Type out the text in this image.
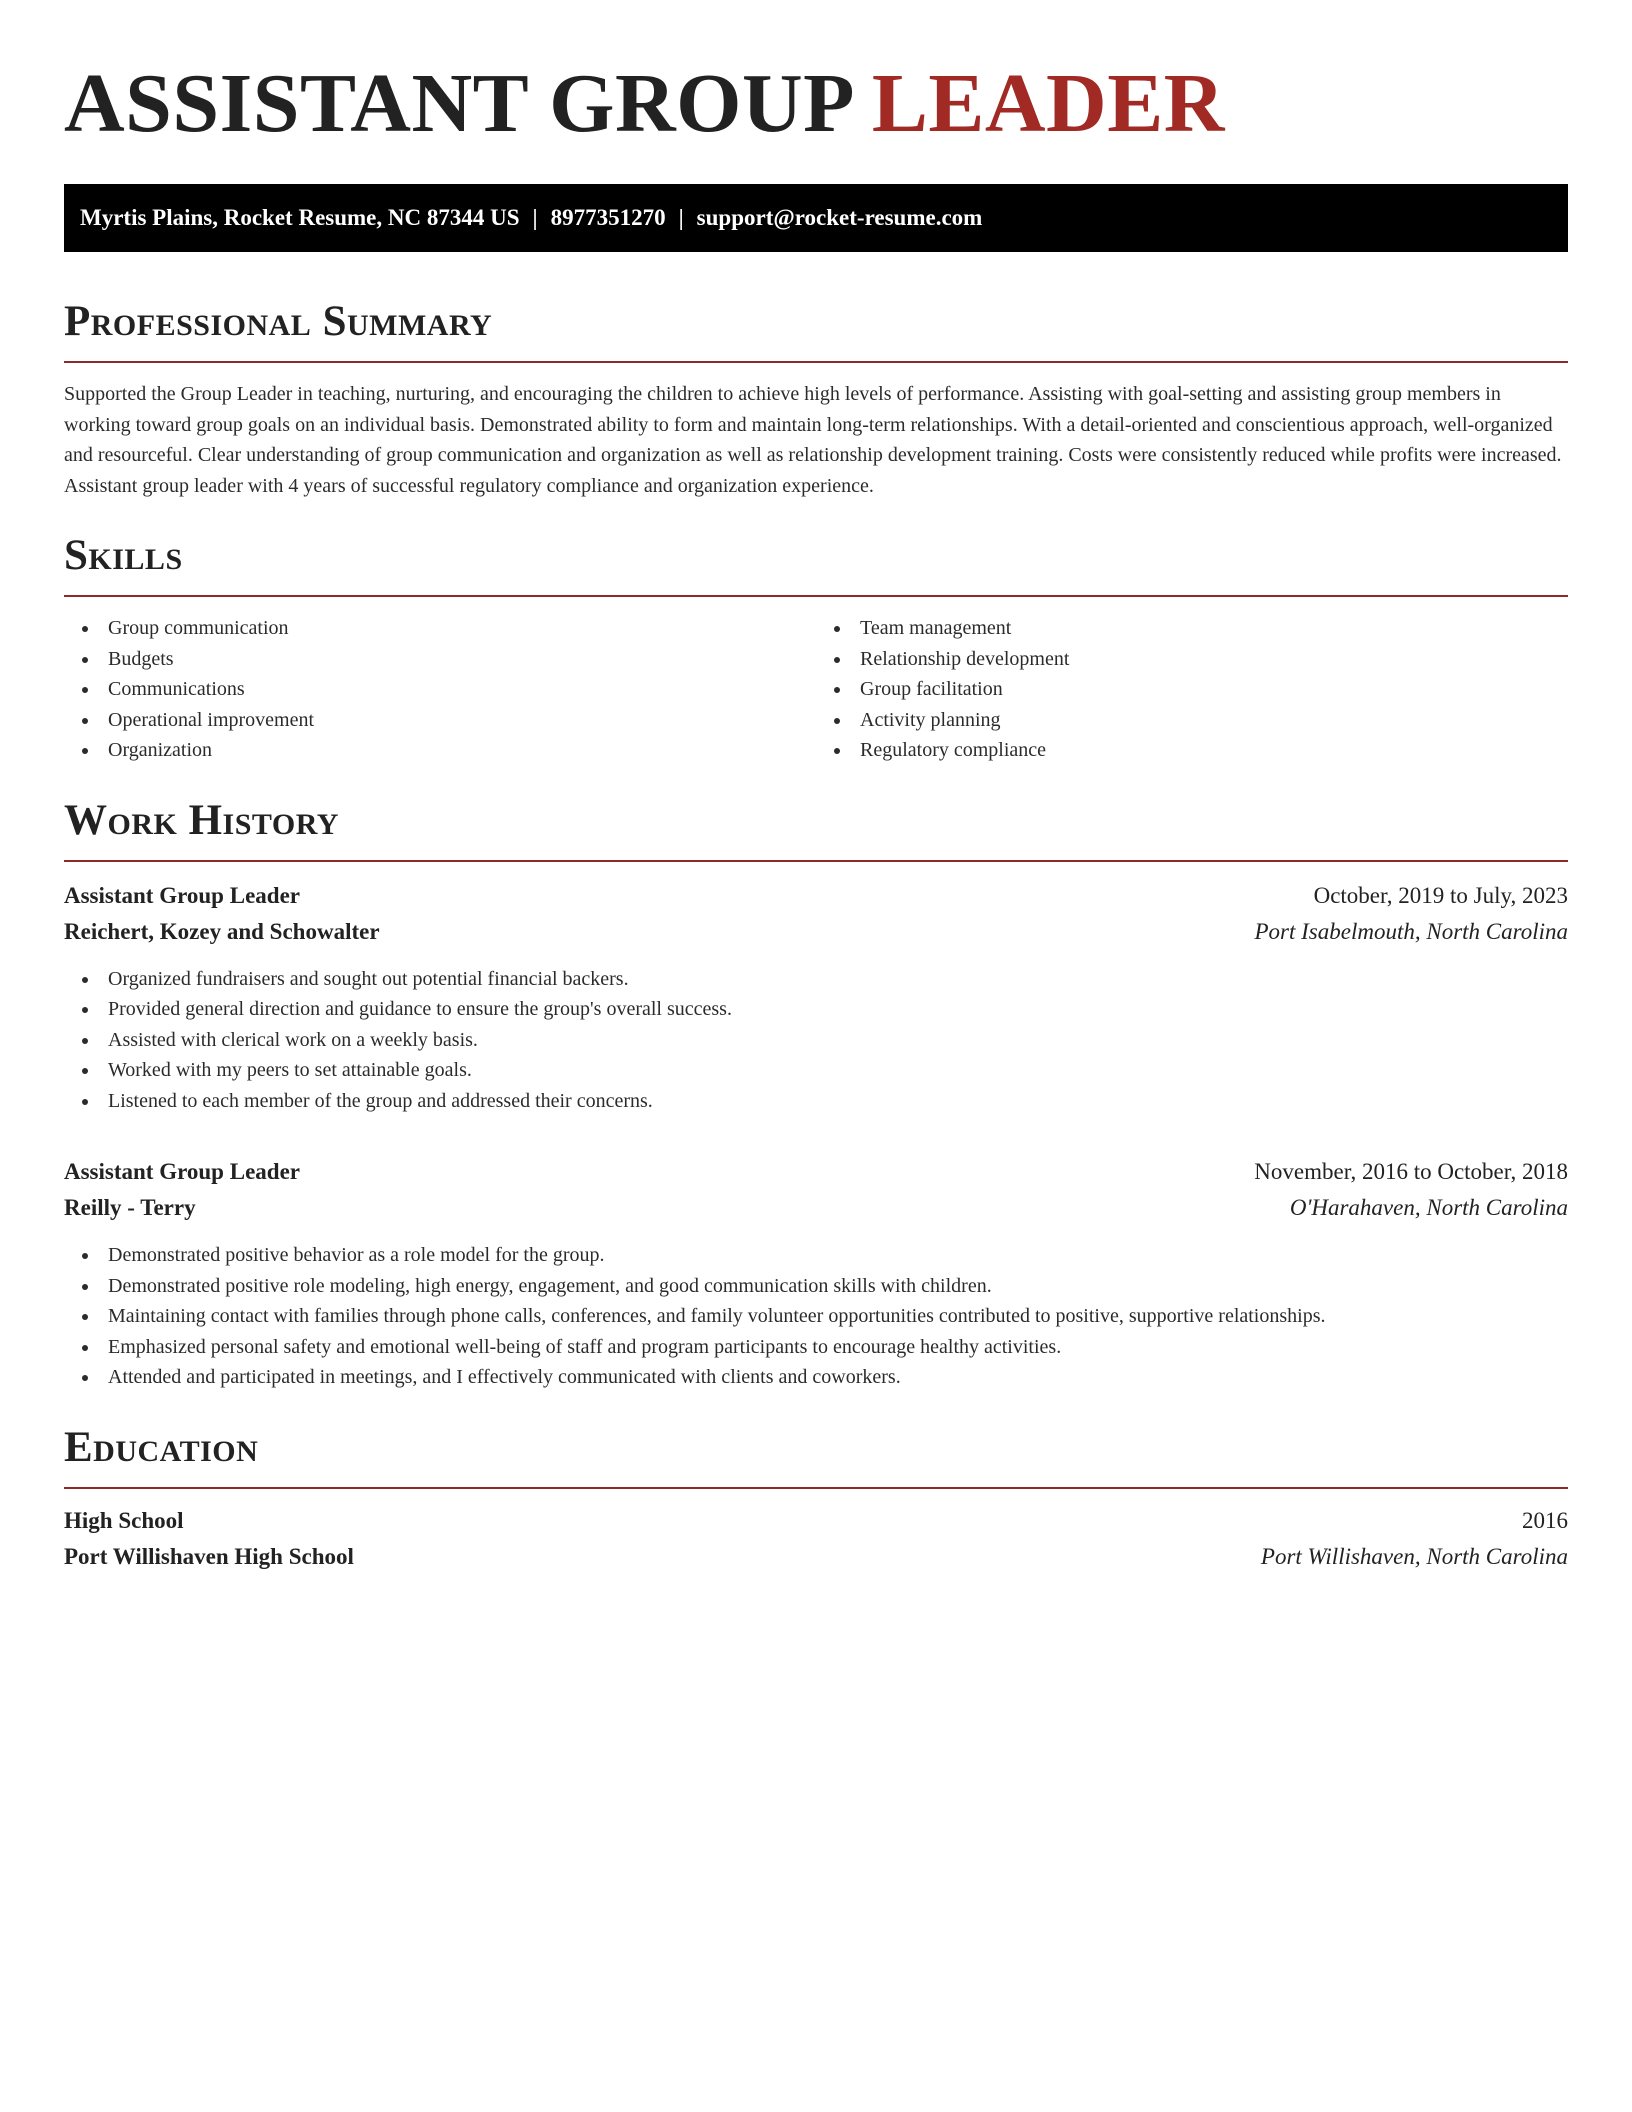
ASSISTANT GROUP LEADER
Myrtis Plains, Rocket Resume, NC 87344 US | 8977351270 | support@rocket-resume.com
Professional Summary

Supported the Group Leader in teaching, nurturing, and encouraging the children to achieve high levels of performance. Assisting with goal-setting and assisting group members in working toward group goals on an individual basis. Demonstrated ability to form and maintain long-term relationships. With a detail-oriented and conscientious approach, well-organized and resourceful. Clear understanding of group communication and organization as well as relationship development training. Costs were consistently reduced while profits were increased. Assistant group leader with 4 years of successful regulatory compliance and organization experience.

Skills
Group communication
Budgets
Communications
Operational improvement
Organization
Team management
Relationship development
Group facilitation
Activity planning
Regulatory compliance
Work History
Assistant Group Leader	October, 2019 to July, 2023
Reichert, Kozey and Schowalter	Port Isabelmouth, North Carolina
Organized fundraisers and sought out potential financial backers.
Provided general direction and guidance to ensure the group's overall success.
Assisted with clerical work on a weekly basis.
Worked with my peers to set attainable goals.
Listened to each member of the group and addressed their concerns.
Assistant Group Leader	November, 2016 to October, 2018
Reilly - Terry	O'Harahaven, North Carolina
Demonstrated positive behavior as a role model for the group.
Demonstrated positive role modeling, high energy, engagement, and good communication skills with children.
Maintaining contact with families through phone calls, conferences, and family volunteer opportunities contributed to positive, supportive relationships.
Emphasized personal safety and emotional well-being of staff and program participants to encourage healthy activities.
Attended and participated in meetings, and I effectively communicated with clients and coworkers.
Education
High School	2016
Port Willishaven High School	Port Willishaven, North Carolina
